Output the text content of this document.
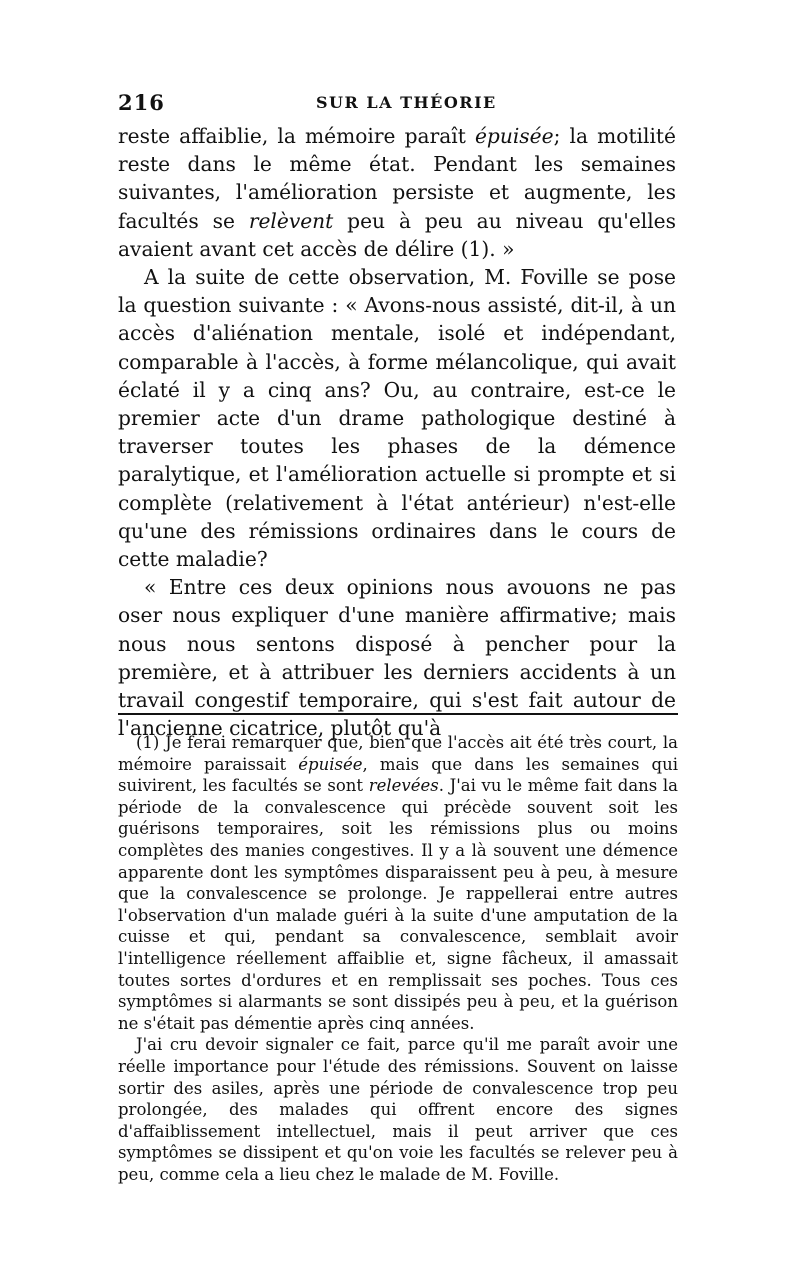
216	SUR LA THÉORIE

reste affaiblie, la mémoire paraît épuisée; la motilité reste dans le même état. Pendant les semaines suivantes, l'amélioration persiste et augmente, les facultés se relèvent peu à peu au niveau qu'elles avaient avant cet accès de délire (1). »

A la suite de cette observation, M. Foville se pose la question suivante : « Avons-nous assisté, dit-il, à un accès d'aliénation mentale, isolé et indépendant, comparable à l'accès, à forme mélancolique, qui avait éclaté il y a cinq ans? Ou, au contraire, est-ce le premier acte d'un drame pathologique destiné à traverser toutes les phases de la démence paralytique, et l'amélioration actuelle si prompte et si complète (relativement à l'état antérieur) n'est-elle qu'une des rémissions ordinaires dans le cours de cette maladie?

« Entre ces deux opinions nous avouons ne pas oser nous expliquer d'une manière affirmative; mais nous nous sentons disposé à pencher pour la première, et à attribuer les derniers accidents à un travail congestif temporaire, qui s'est fait autour de l'ancienne cicatrice, plutôt qu'à

(1) Je ferai remarquer que, bien que l'accès ait été très court, la mémoire paraissait épuisée, mais que dans les semaines qui suivirent, les facultés se sont relevées. J'ai vu le même fait dans la période de la convalescence qui précède souvent soit les guérisons temporaires, soit les rémissions plus ou moins complètes des manies congestives. Il y a là souvent une démence apparente dont les symptômes disparaissent peu à peu, à mesure que la convalescence se prolonge. Je rappellerai entre autres l'observation d'un malade guéri à la suite d'une amputation de la cuisse et qui, pendant sa convalescence, semblait avoir l'intelligence réellement affaiblie et, signe fâcheux, il amassait toutes sortes d'ordures et en remplissait ses poches. Tous ces symptômes si alarmants se sont dissipés peu à peu, et la guérison ne s'était pas démentie après cinq années.

J'ai cru devoir signaler ce fait, parce qu'il me paraît avoir une réelle importance pour l'étude des rémissions. Souvent on laisse sortir des asiles, après une période de convalescence trop peu prolongée, des malades qui offrent encore des signes d'affaiblissement intellectuel, mais il peut arriver que ces symptômes se dissipent et qu'on voie les facultés se relever peu à peu, comme cela a lieu chez le malade de M. Foville.
